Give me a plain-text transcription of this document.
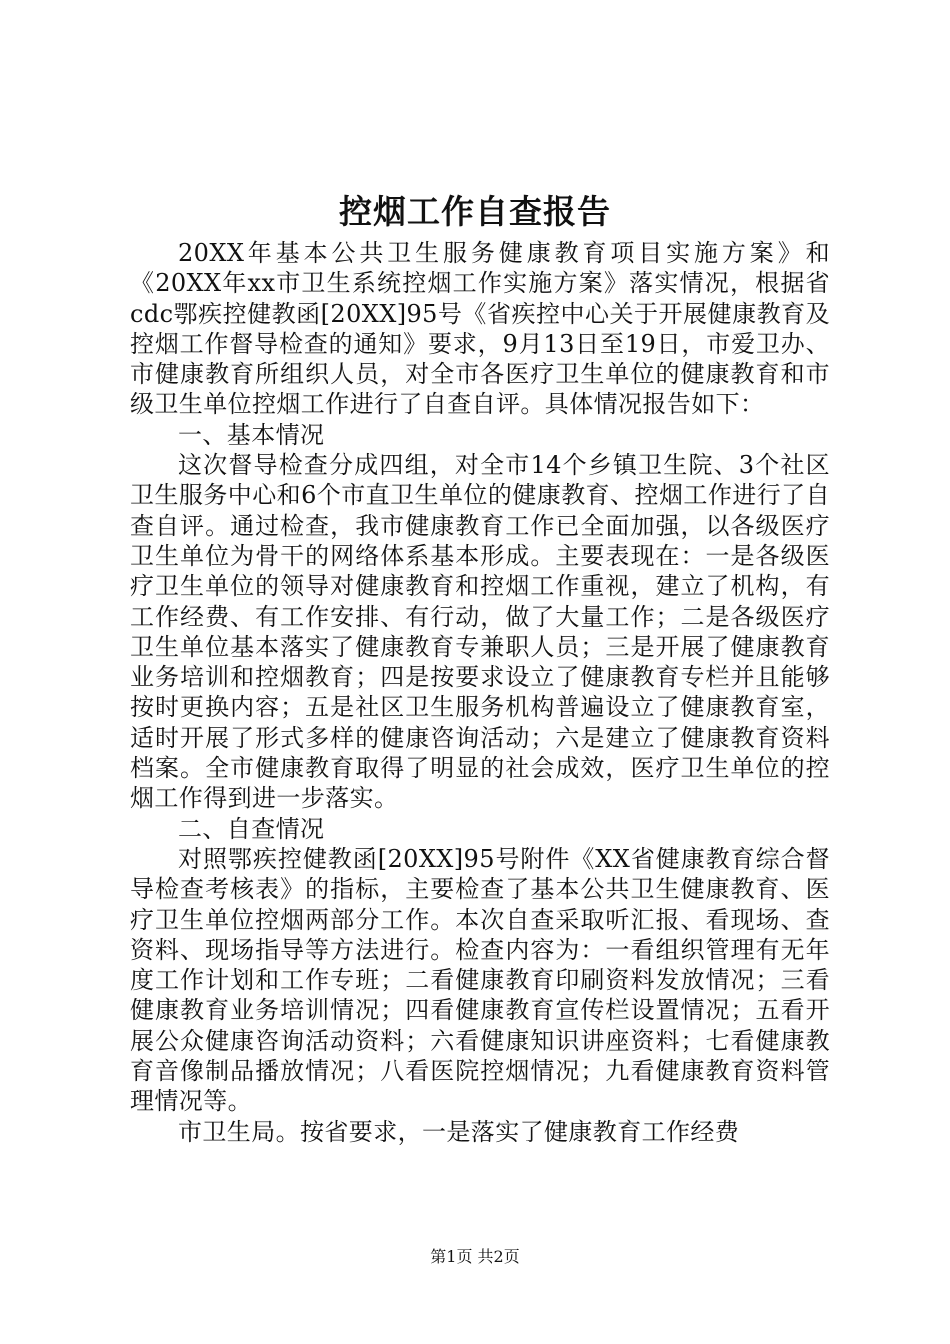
控烟工作自查报告

20XX年基本公共卫生服务健康教育项目实施方案》和《20XX年xx市卫生系统控烟工作实施方案》落实情况，根据省cdc鄂疾控健教函[20XX]95号《省疾控中心关于开展健康教育及控烟工作督导检查的通知》要求，9月13日至19日，市爱卫办、市健康教育所组织人员，对全市各医疗卫生单位的健康教育和市级卫生单位控烟工作进行了自查自评。具体情况报告如下：

一、基本情况

这次督导检查分成四组，对全市14个乡镇卫生院、3个社区卫生服务中心和6个市直卫生单位的健康教育、控烟工作进行了自查自评。通过检查，我市健康教育工作已全面加强，以各级医疗卫生单位为骨干的网络体系基本形成。主要表现在：一是各级医疗卫生单位的领导对健康教育和控烟工作重视，建立了机构，有工作经费、有工作安排、有行动，做了大量工作；二是各级医疗卫生单位基本落实了健康教育专兼职人员；三是开展了健康教育业务培训和控烟教育；四是按要求设立了健康教育专栏并且能够按时更换内容；五是社区卫生服务机构普遍设立了健康教育室，适时开展了形式多样的健康咨询活动；六是建立了健康教育资料档案。全市健康教育取得了明显的社会成效，医疗卫生单位的控烟工作得到进一步落实。

二、自查情况

对照鄂疾控健教函[20XX]95号附件《XX省健康教育综合督导检查考核表》的指标，主要检查了基本公共卫生健康教育、医疗卫生单位控烟两部分工作。本次自查采取听汇报、看现场、查资料、现场指导等方法进行。检查内容为：一看组织管理有无年度工作计划和工作专班；二看健康教育印刷资料发放情况；三看健康教育业务培训情况；四看健康教育宣传栏设置情况；五看开展公众健康咨询活动资料；六看健康知识讲座资料；七看健康教育音像制品播放情况；八看医院控烟情况；九看健康教育资料管理情况等。

市卫生局。按省要求，一是落实了健康教育工作经费

第1页 共2页
